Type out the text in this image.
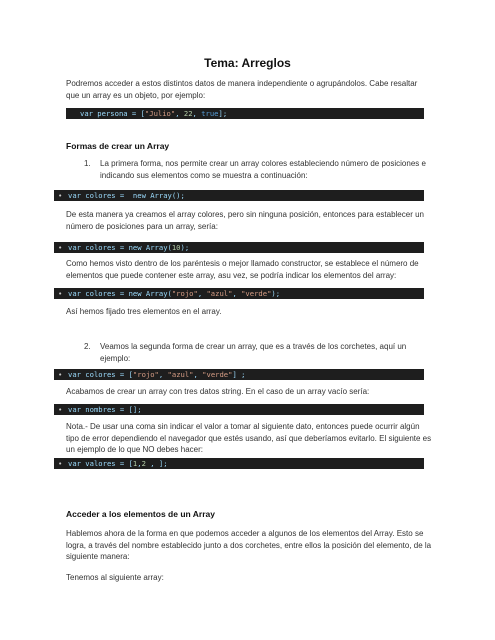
Tema: Arreglos
Podremos acceder a estos distintos datos de manera independiente o agrupándolos. Cabe resaltar que un array es un objeto, por ejemplo:
var persona = ["Julio", 22, true];
Formas de crear un Array
1. La primera forma, nos permite crear un array colores estableciendo número de posiciones e indicando sus elementos como se muestra a continuación:
• var colores =  new Array();
De esta manera ya creamos el array colores, pero sin ninguna posición, entonces para establecer un número de posiciones para un array, sería:
• var colores = new Array(10);
Como hemos visto dentro de los paréntesis o mejor llamado constructor, se establece el número de elementos que puede contener este array, asu vez, se podría indicar los elementos del array:
• var colores = new Array("rojo", "azul", "verde");
Así hemos fijado tres elementos en el array.
2. Veamos la segunda forma de crear un array, que es a través de los corchetes, aquí un ejemplo:
• var colores = ["rojo", "azul", "verde"] ;
Acabamos de crear un array con tres datos string. En el caso de un array vacío sería:
• var nombres = [];
Nota.- De usar una coma sin indicar el valor a tomar al siguiente dato, entonces puede ocurrir algún tipo de error dependiendo el navegador que estés usando, así que deberíamos evitarlo. El siguiente es un ejemplo de lo que NO debes hacer:
• var valores = [1,2 , ];
Acceder a los elementos de un Array
Hablemos ahora de la forma en que podemos acceder a algunos de los elementos del Array. Esto se logra, a través del nombre establecido junto a dos corchetes, entre ellos la posición del elemento, de la siguiente manera:
Tenemos al siguiente array:
